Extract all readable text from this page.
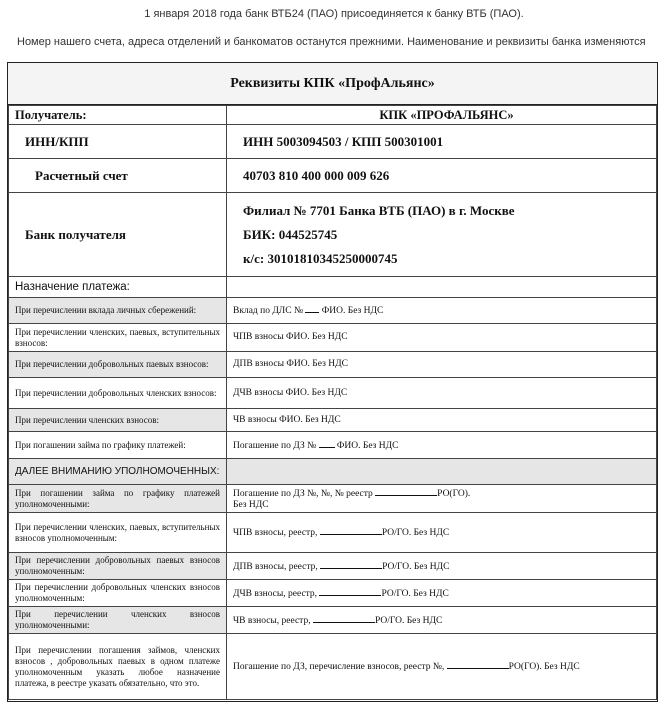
1 января 2018 года банк ВТБ24 (ПАО) присоединяется к банку ВТБ (ПАО).

Номер нашего счета, адреса отделений и банкоматов останутся прежними. Наименование и реквизиты банка изменяются

Реквизиты КПК «ПрофАльянс»
Получатель:	КПК «ПРОФАЛЬЯНС»
ИНН/КПП	ИНН 5003094503 / КПП 500301001
Расчетный счет	40703 810 400 000 009 626
Банк получателя	Филиал № 7701 Банка ВТБ (ПАО) в г. Москве
БИК: 044525745
к/с: 30101810345250000745

Назначение платежа:	
При перечислении вклада личных сбережений:	Вклад по ДЛС № ФИО. Без НДС
При перечислении членских, паевых, вступительных взносов:	ЧПВ взносы ФИО. Без НДС
При перечислении добровольных паевых взносов:	ДПВ взносы ФИО. Без НДС
При перечислении добровольных членских взносов:	ДЧВ взносы ФИО. Без НДС
При перечислении членских взносов:	ЧВ взносы ФИО. Без НДС
При погашении займа по графику платежей:	Погашение по ДЗ № ФИО. Без НДС
ДАЛЕЕ ВНИМАНИЮ УПОЛНОМОЧЕННЫХ:	
При погашении займа по графику платежей уполномоченными:	Погашение по ДЗ №, №, № реестр РО(ГО).
Без НДС
При перечислении членских, паевых, вступительных взносов уполномоченным:	ЧПВ взносы, реестр, РО/ГО. Без НДС
При перечислении добровольных паевых взносов уполномоченным:	ДПВ взносы, реестр, РО/ГО. Без НДС
При перечислении добровольных членских взносов уполномоченным:	ДЧВ взносы, реестр, РО/ГО. Без НДС
При перечислении членских взносов уполномоченными:	ЧВ взносы, реестр, РО/ГО. Без НДС
При перечислении погашения займов, членских взносов , добровольных паевых в одном платеже уполномоченным указать любое назначение платежа, в реестре указать обязательно, что это.	Погашение по ДЗ, перечисление взносов, реестр №, РО(ГО). Без НДС
